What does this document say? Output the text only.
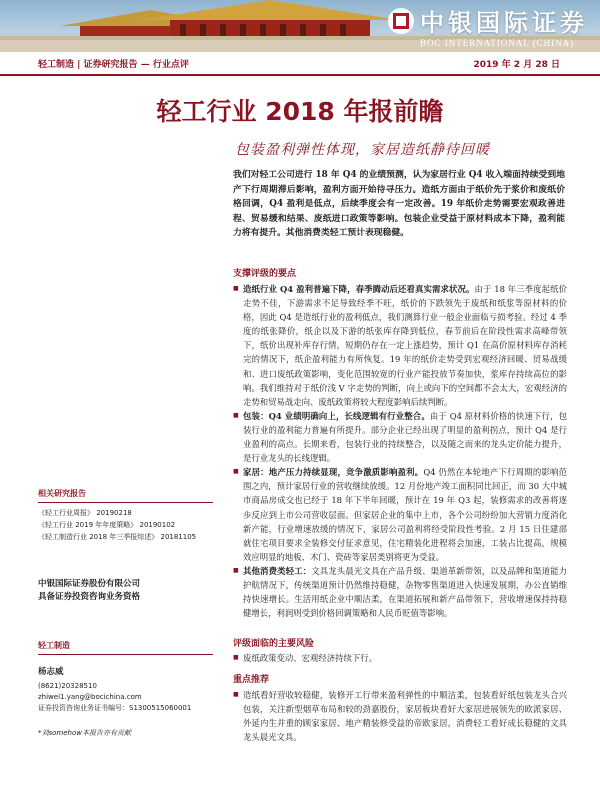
中银国际证券
BOC INTERNATIONAL (CHINA)
轻工制造 | 证券研究报告 — 行业点评	2019 年 2 月 28 日
轻工行业 2018 年报前瞻
包装盈利弹性体现，家居造纸静待回暖
我们对轻工公司进行 18 年 Q4 的业绩预测，认为家居行业 Q4 收入端面持续受到地产下行周期滞后影响，盈利方面开始待寻压力。造纸方面由于纸价先于浆价和废纸价格回调，Q4 盈利是低点，后续季度会有一定改善。19 年纸价走势需要宏观政善进程、贸易缓和结果、废纸进口政策等影响。包装企业受益于原材料成本下降，盈利能力将有提升。其他消费类轻工预计表现稳健。
支撑评级的要点
■ 造纸行业 Q4 盈利普遍下降，春季腾动后还看真实需求状况。由于 18 年三季度起纸价走势不佳，下游需求不足导致经季不旺，纸价的下跌领先于废纸和纸浆等原材料的价格，因此 Q4 是造纸行业的盈利低点，我们测算行业一般企业面临亏损考验。经过 4 季度的纸张降价，纸企以及下游的纸张库存降到低位，春节前后在阶段性需求高峰带领下，纸价出现补库存行情，短期仍存在一定上涨趋势，预计 Q1 在高价原材料库存消耗完的情况下，纸企盈利能力有所恢复。19 年的纸价走势受到宏观经济回暖、贸易战缓和、进口废纸政策影响，变化范围较宽的行业产能投放节奏加快，浆库存持续高位的影响。我们维持对于纸价浅 V 字走势的判断，向上或向下的空间都不会太大，宏观经济的走势和贸易战走向、废纸政策将较大程度影响后续判断。
■ 包装：Q4 业绩明确向上，长线逻辑有行业整合。由于 Q4 原材料价格的快速下行，包装行业的盈利能力普遍有所提升。部分企业已经出现了明显的盈利拐点，预计 Q4 是行业盈利的高点。长期来看，包装行业的持续整合，以及随之而来的龙头定价能力提升，是行业龙头的长线逻辑。
■ 家居：地产压力持续显现，竞争激质影响盈利。Q4 仍然在本轮地产下行周期的影响范围之内，预计家居行业的营收继续放缓。12 月份地产竣工面积同比回正，而 30 大中城市商品房成交也已经于 18 年下半年回暖，预计在 19 年 Q3 起，装修需求的改善将逐步反应到上市公司营收层面。但家居企业的集中上市，各个公司纷纷加大营销力度消化新产能，行业增速放缓的情况下，家居公司盈利将经受阶段性考验。2 月 15 日住建部就住宅项目要求全装修交付征求意见，住宅精装化进程将会加速，工装占比提高，规模效应明显的地板、木门、瓷砖等家居类别将更为受益。
■ 其他消费类轻工：文具龙头晨光文具在产品升级、渠道革新带领，以及品牌和渠道能力护航情况下，传统渠道预计仍然维持稳健，杂物零售渠道进入快速发展期，办公直销维持快速增长。生活用纸企业中顺洁柔，在渠道拓展和新产品带领下，营收增速保持持稳健增长，利润则受到价格回调策略和人民币贬值等影响。
评级面临的主要风险
■ 废纸政策变动、宏观经济持续下行。
重点推荐
■ 造纸看好营收较稳健，装修开工行带来盈利弹性的中顺洁柔，包装看好纸包装龙头合兴包装，关注新型烟草布局和较的劲嘉股份，家居板块看好大家居进展领先的欧派家居、外延内生并重的顾家家居、地产精装修受益的帝欧家居，消费轻工看好成长稳健的文具龙头晨光文具。
相关研究报告
《轻工行业周报》 20190218
《轻工行业 2019 年年度策略》 20190102
《轻工制造行业 2018 年三季报综述》 20181105
中银国际证券股份有限公司
具备证券投资咨询业务资格
轻工制造
杨志威
(8621)20328510
zhiwei1.yang@bocichina.com
证券投资咨询业务证书编号：S1300515060001
*刘somehow本报告亦有贡献
